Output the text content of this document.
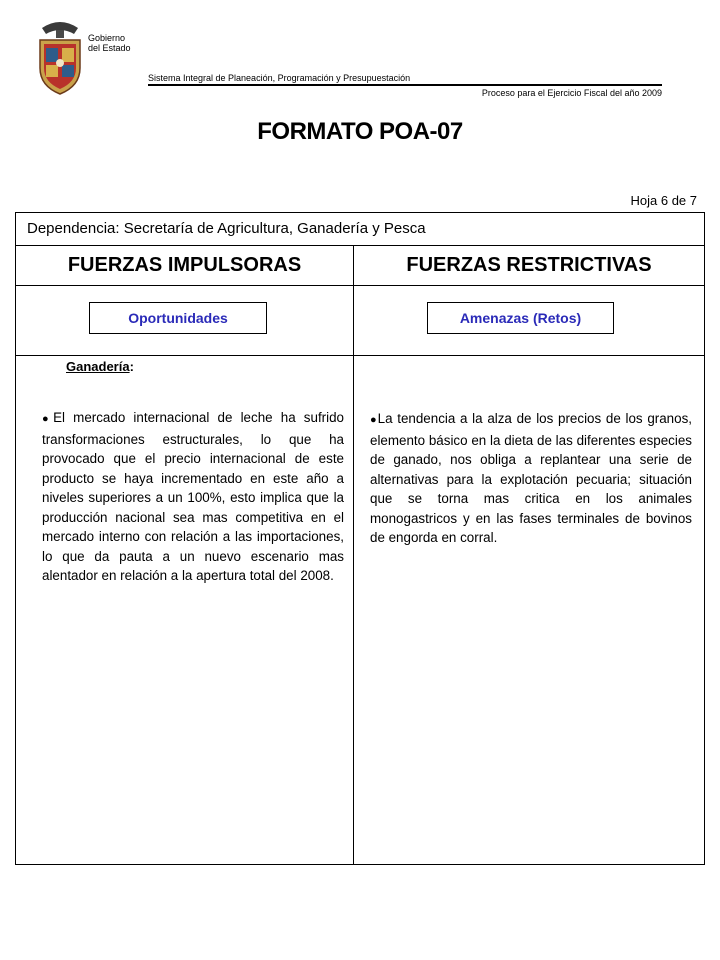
Gobierno
del Estado
Sistema Integral de Planeación, Programación y Presupuestación
Proceso para el Ejercicio Fiscal del año 2009
FORMATO POA-07
Hoja 6 de 7
Dependencia: Secretaría de Agricultura, Ganadería y Pesca
FUERZAS IMPULSORAS	FUERZAS RESTRICTIVAS
Oportunidades	Amenazas (Retos)
Ganadería:
●El mercado internacional de leche ha sufrido transformaciones estructurales, lo que ha provocado que el precio internacional de este producto se haya incrementado en este año a niveles superiores a un 100%, esto implica que la producción nacional sea mas competitiva en el mercado interno con relación a las importaciones, lo que da pauta a un nuevo escenario mas alentador en relación a la apertura total del 2008.
●La tendencia a la alza de los precios de los granos, elemento básico en la dieta de las diferentes especies de ganado, nos obliga a replantear una serie de alternativas para la explotación pecuaria; situación que se torna mas critica en los animales monogastricos y en las fases terminales de bovinos de engorda en corral.
